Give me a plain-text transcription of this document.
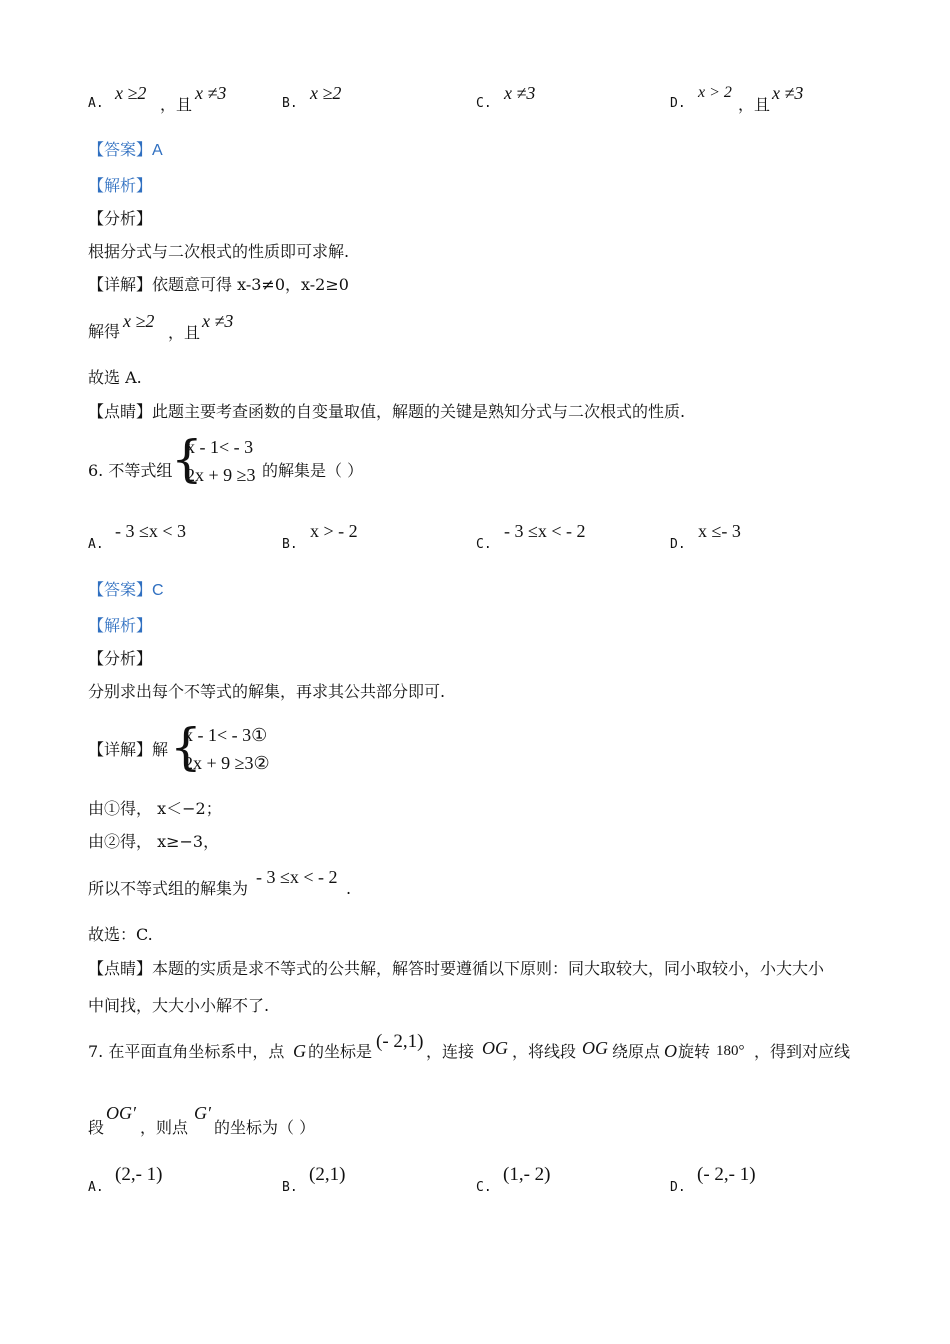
A.
x ≥2
，且
x ≠3
B.
x ≥2
C.
x ≠3
D.
x > 2
，且
x ≠3
【答案】A
【解析】
【分析】
根据分式与二次根式的性质即可求解.
【详解】依题意可得 x-3≠0，x-2≥0
解得
x ≥2
，且
x ≠3
故选 A.
【点睛】此题主要考查函数的自变量取值，解题的关键是熟知分式与二次根式的性质.
6. 不等式组
{
x - 1< - 3
2x + 9 ≥3 的解集是（ ）
A.
- 3 ≤x < 3
B.
x > - 2
C.
- 3 ≤x < - 2
D.
x ≤- 3
【答案】C
【解析】
【分析】
分别求出每个不等式的解集，再求其公共部分即可.
【详解】解 {
x - 1< - 3①
2x + 9 ≥3②
由①得， x＜−2；
由②得， x≥−3，
所以不等式组的解集为
- 3 ≤x < - 2
.
故选：C.
【点睛】本题的实质是求不等式的公共解，解答时要遵循以下原则：同大取较大，同小取较小，小大大小
中间找，大大小小解不了.
7. 在平面直角坐标系中，点 G 的坐标是 (- 2,1) ，连接 OG ，将线段 OG 绕原点 O 旋转 180° ，得到对应线
段
OG′
，则点
G′
的坐标为（ ）
A.
(2,- 1)
B.
(2,1)
C.
(1,- 2)
D.
(- 2,- 1)
